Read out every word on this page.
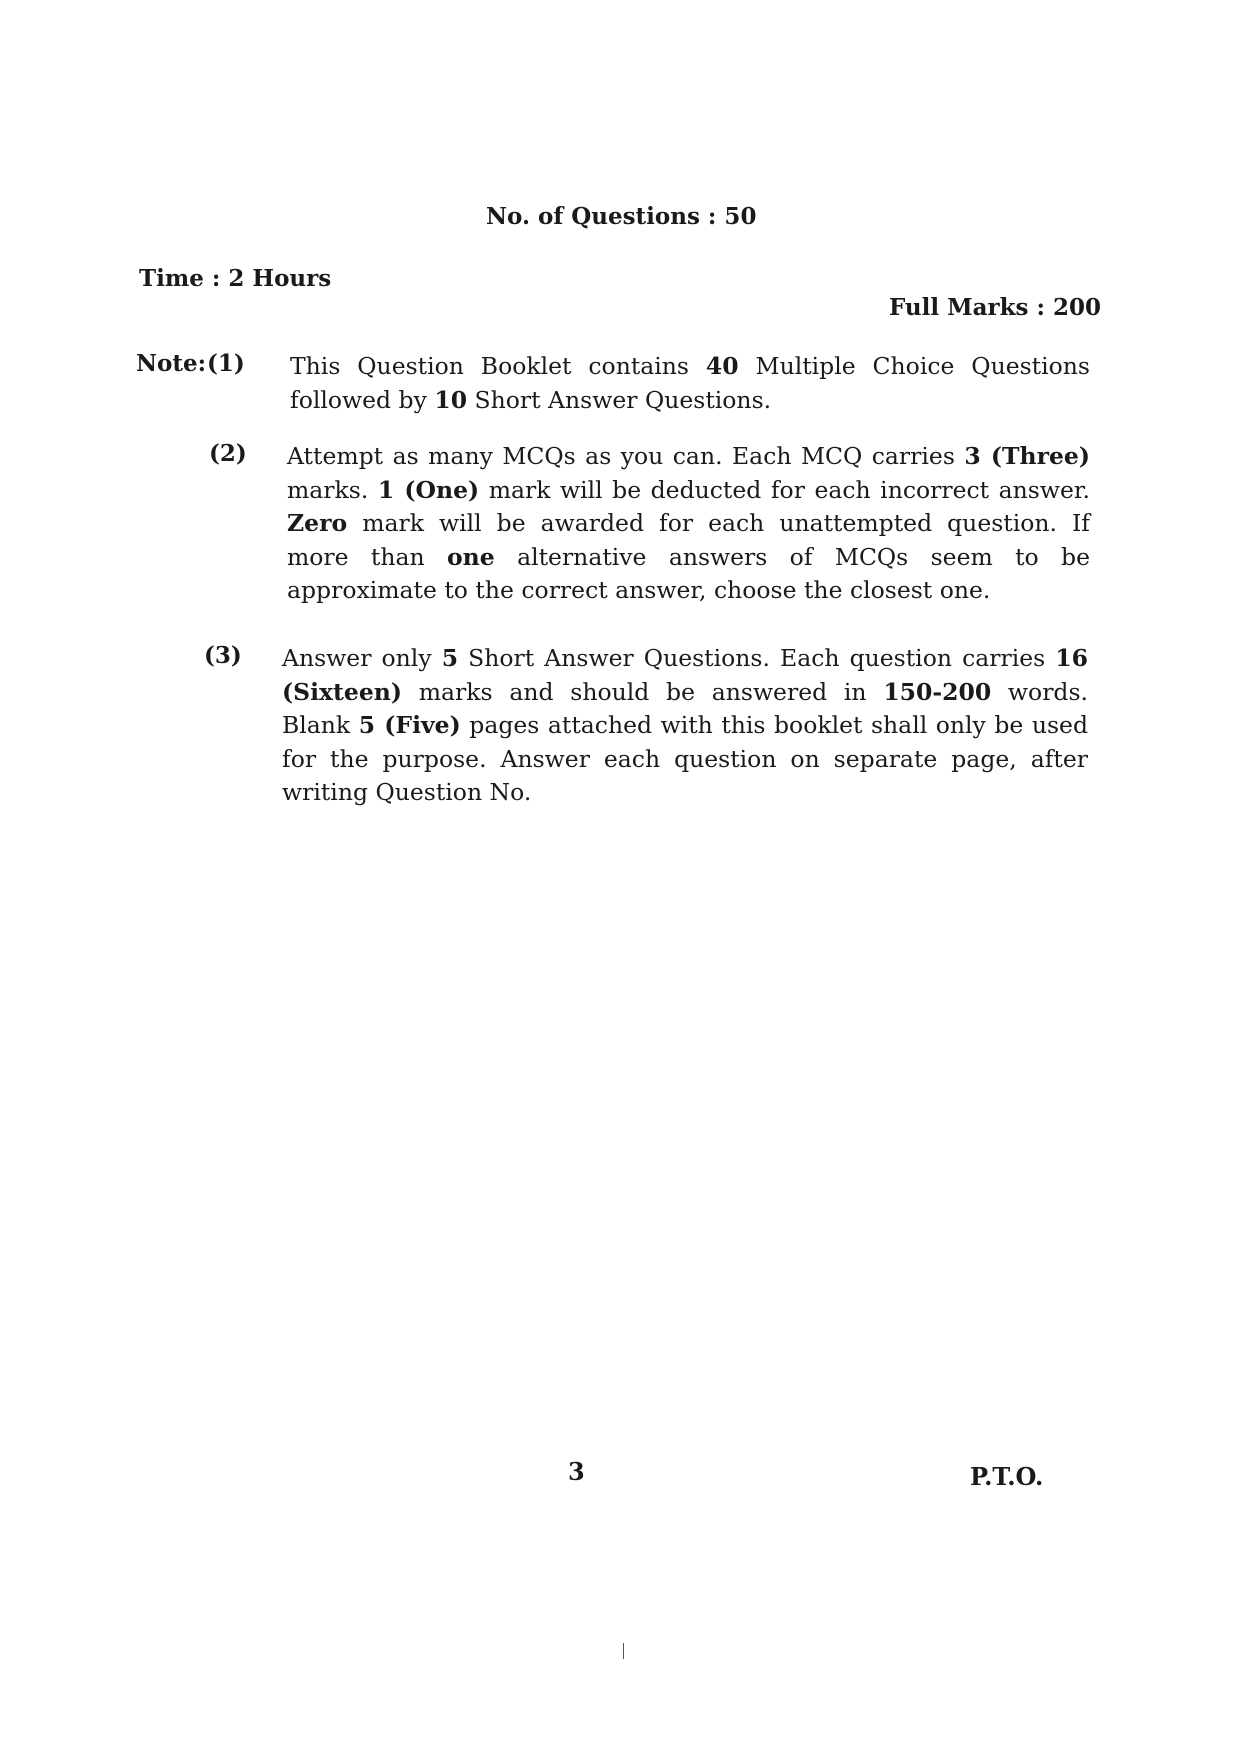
No. of Questions : 50
Time : 2 Hours
Full Marks : 200
Note: (1) This Question Booklet contains 40 Multiple Choice Questions followed by 10 Short Answer Questions.
(2) Attempt as many MCQs as you can. Each MCQ carries 3 (Three) marks. 1 (One) mark will be deducted for each incorrect answer. Zero mark will be awarded for each unattempted question. If more than one alternative answers of MCQs seem to be approximate to the correct answer, choose the closest one.
(3) Answer only 5 Short Answer Questions. Each question carries 16 (Sixteen) marks and should be answered in 150-200 words. Blank 5 (Five) pages attached with this booklet shall only be used for the purpose. Answer each question on separate page, after writing Question No.
3	P.T.O.
